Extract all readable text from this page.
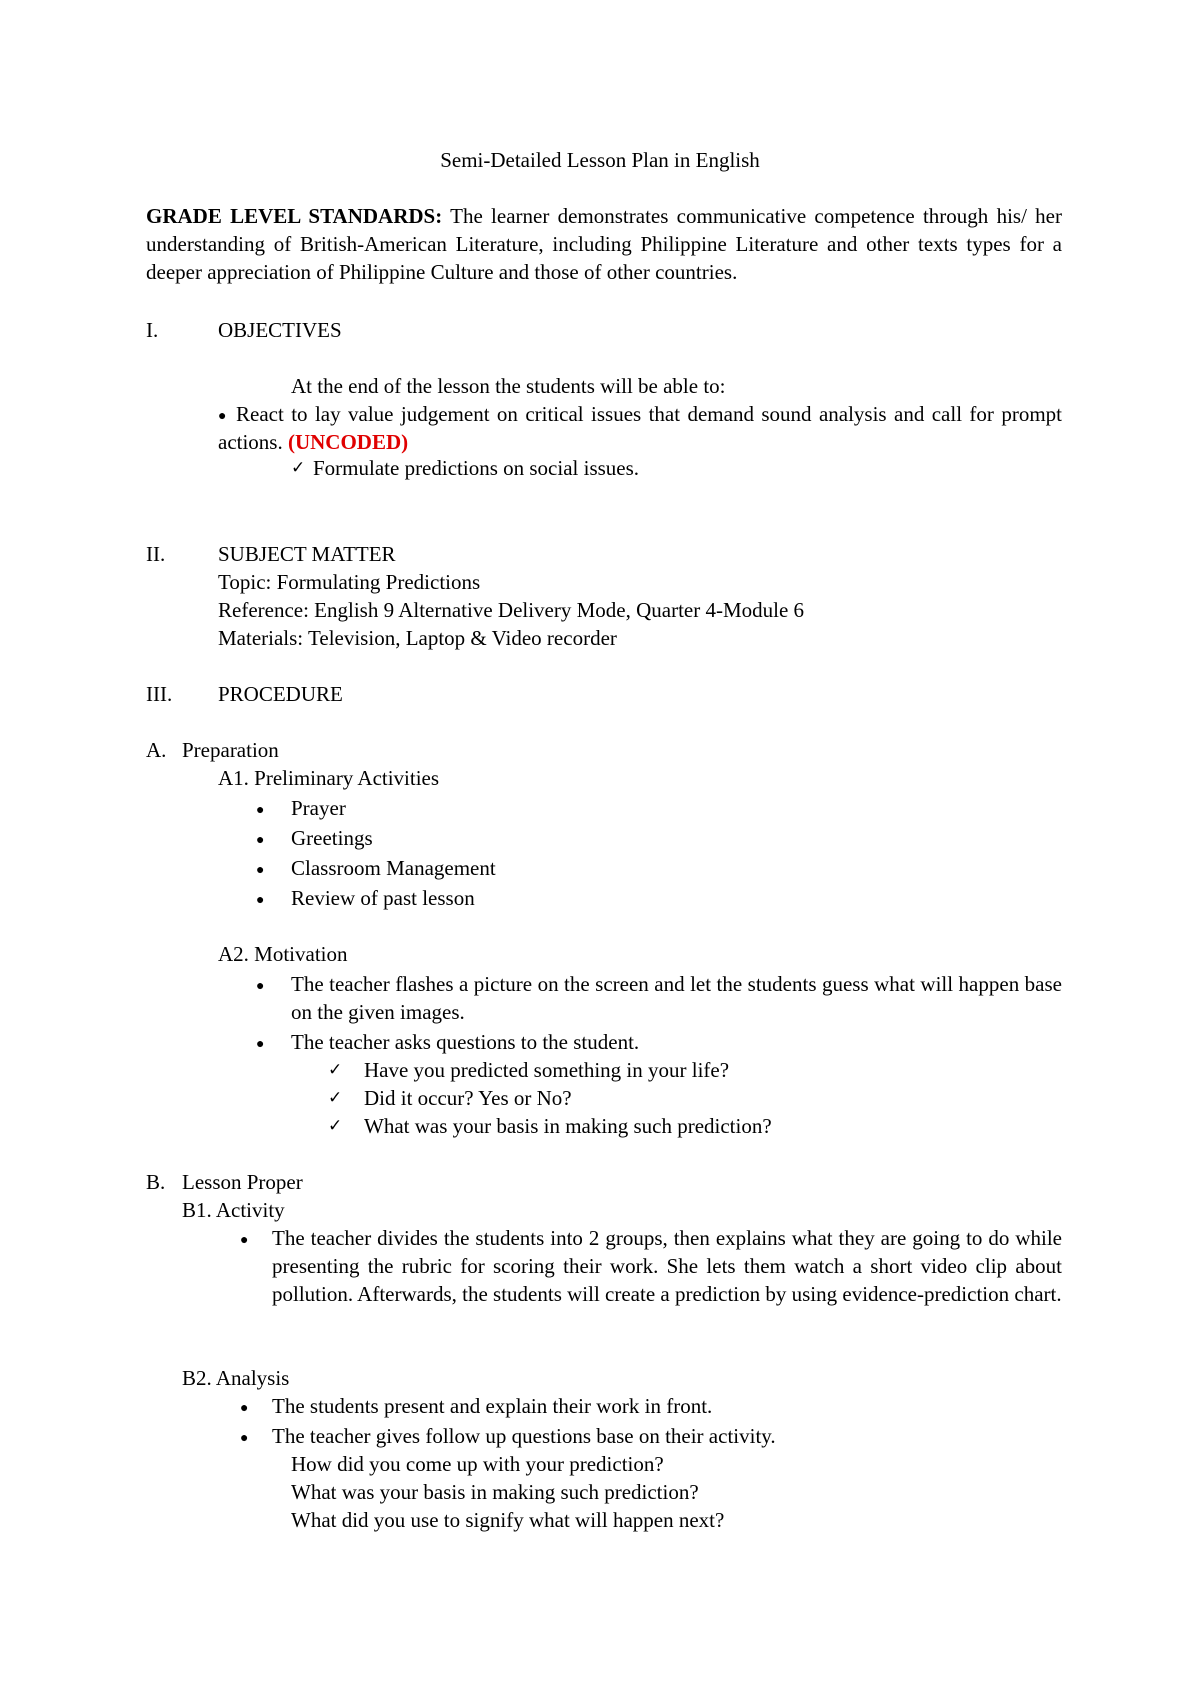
Semi-Detailed Lesson Plan in English
GRADE LEVEL STANDARDS: The learner demonstrates communicative competence through his/ her understanding of British-American Literature, including Philippine Literature and other texts types for a deeper appreciation of Philippine Culture and those of other countries.
I.	OBJECTIVES
At the end of the lesson the students will be able to:
● React to lay value judgement on critical issues that demand sound analysis and call for prompt actions. (UNCODED)
✓ Formulate predictions on social issues.
II.	SUBJECT MATTER
Topic: Formulating Predictions
Reference: English 9 Alternative Delivery Mode, Quarter 4-Module 6
Materials: Television, Laptop & Video recorder
III. PROCEDURE
A. Preparation
A1. Preliminary Activities
● Prayer
● Greetings
● Classroom Management
● Review of past lesson
A2. Motivation
● The teacher flashes a picture on the screen and let the students guess what will happen base on the given images.
● The teacher asks questions to the student.
✓ Have you predicted something in your life?
✓ Did it occur? Yes or No?
✓ What was your basis in making such prediction?
B. Lesson Proper
B1. Activity
● The teacher divides the students into 2 groups, then explains what they are going to do while presenting the rubric for scoring their work. She lets them watch a short video clip about pollution. Afterwards, the students will create a prediction by using evidence-prediction chart.
B2. Analysis
● The students present and explain their work in front.
● The teacher gives follow up questions base on their activity.
How did you come up with your prediction?
What was your basis in making such prediction?
What did you use to signify what will happen next?
